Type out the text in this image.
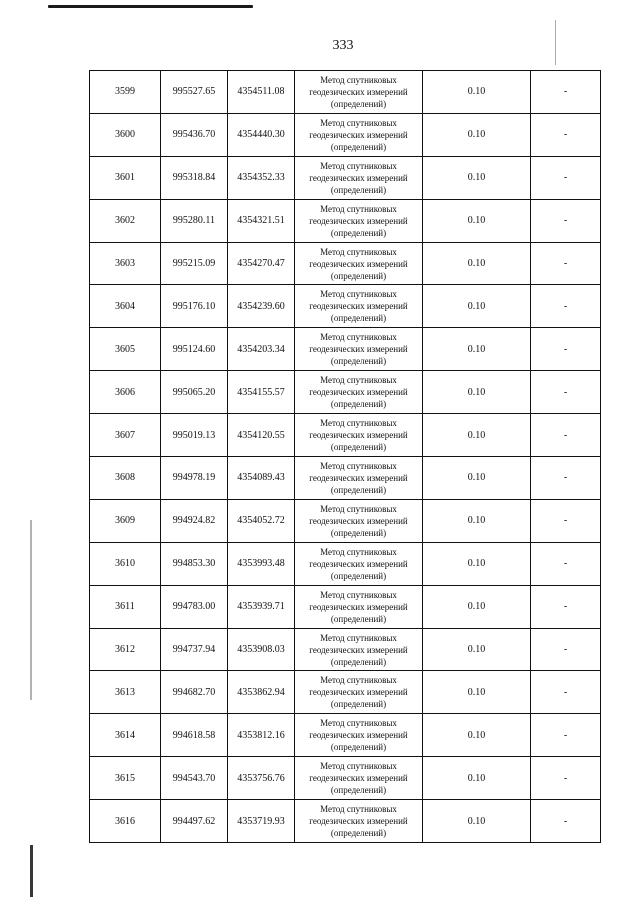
333
3599	995527.65	4354511.08	Метод спутниковых
геодезических измерений
(определений)	0.10	-
3600	995436.70	4354440.30	Метод спутниковых
геодезических измерений
(определений)	0.10	-
3601	995318.84	4354352.33	Метод спутниковых
геодезических измерений
(определений)	0.10	-
3602	995280.11	4354321.51	Метод спутниковых
геодезических измерений
(определений)	0.10	-
3603	995215.09	4354270.47	Метод спутниковых
геодезических измерений
(определений)	0.10	-
3604	995176.10	4354239.60	Метод спутниковых
геодезических измерений
(определений)	0.10	-
3605	995124.60	4354203.34	Метод спутниковых
геодезических измерений
(определений)	0.10	-
3606	995065.20	4354155.57	Метод спутниковых
геодезических измерений
(определений)	0.10	-
3607	995019.13	4354120.55	Метод спутниковых
геодезических измерений
(определений)	0.10	-
3608	994978.19	4354089.43	Метод спутниковых
геодезических измерений
(определений)	0.10	-
3609	994924.82	4354052.72	Метод спутниковых
геодезических измерений
(определений)	0.10	-
3610	994853.30	4353993.48	Метод спутниковых
геодезических измерений
(определений)	0.10	-
3611	994783.00	4353939.71	Метод спутниковых
геодезических измерений
(определений)	0.10	-
3612	994737.94	4353908.03	Метод спутниковых
геодезических измерений
(определений)	0.10	-
3613	994682.70	4353862.94	Метод спутниковых
геодезических измерений
(определений)	0.10	-
3614	994618.58	4353812.16	Метод спутниковых
геодезических измерений
(определений)	0.10	-
3615	994543.70	4353756.76	Метод спутниковых
геодезических измерений
(определений)	0.10	-
3616	994497.62	4353719.93	Метод спутниковых
геодезических измерений
(определений)	0.10	-
